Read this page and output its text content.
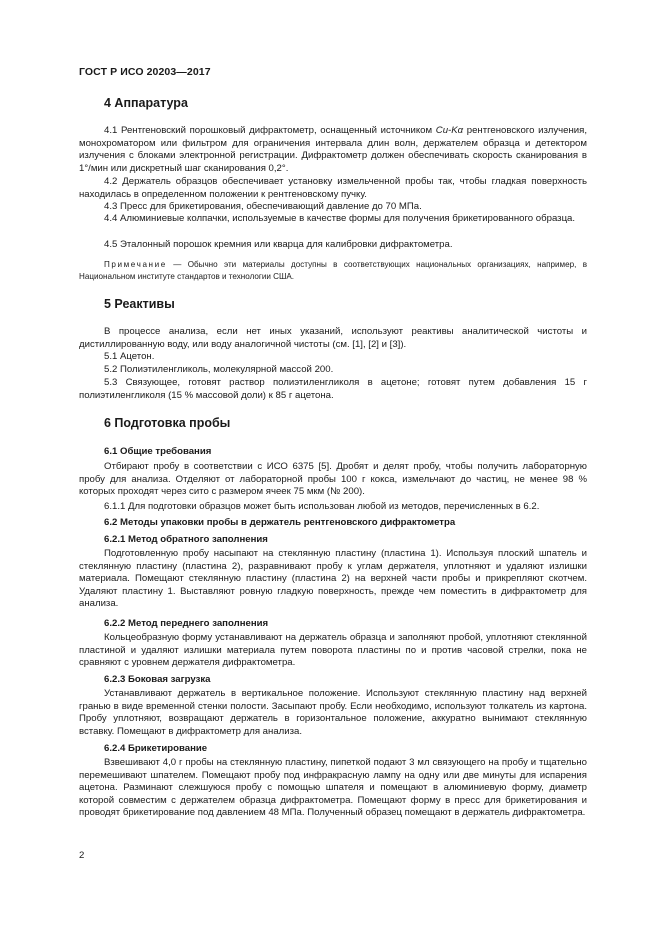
ГОСТ Р ИСО 20203—2017
4 Аппаратура
4.1 Рентгеновский порошковый дифрактометр, оснащенный источником Cu-Kα рентгеновского излучения, монохроматором или фильтром для ограничения интервала длин волн, держателем образца и детектором излучения с блоками электронной регистрации. Дифрактометр должен обеспечивать скорость сканирования в 1°/мин или дискретный шаг сканирования 0,2°.
4.2 Держатель образцов обеспечивает установку измельченной пробы так, чтобы гладкая поверхность находилась в определенном положении к рентгеновскому пучку.
4.3 Пресс для брикетирования, обеспечивающий давление до 70 МПа.
4.4 Алюминиевые колпачки, используемые в качестве формы для получения брикетированного образца.
4.5 Эталонный порошок кремния или кварца для калибровки дифрактометра.
Примечание — Обычно эти материалы доступны в соответствующих национальных организациях, например, в Национальном институте стандартов и технологии США.
5 Реактивы
В процессе анализа, если нет иных указаний, используют реактивы аналитической чистоты и дистиллированную воду, или воду аналогичной чистоты (см. [1], [2] и [3]).
5.1 Ацетон.
5.2 Полиэтиленгликоль, молекулярной массой 200.
5.3 Связующее, готовят раствор полиэтиленгликоля в ацетоне; готовят путем добавления 15 г полиэтиленгликоля (15 % массовой доли) к 85 г ацетона.
6 Подготовка пробы
6.1 Общие требования
Отбирают пробу в соответствии с ИСО 6375 [5]. Дробят и делят пробу, чтобы получить лабораторную пробу для анализа. Отделяют от лабораторной пробы 100 г кокса, измельчают до частиц, не менее 98 % которых проходят через сито с размером ячеек 75 мкм (№ 200).
6.1.1 Для подготовки образцов может быть использован любой из методов, перечисленных в 6.2.
6.2 Методы упаковки пробы в держатель рентгеновского дифрактометра
6.2.1 Метод обратного заполнения
Подготовленную пробу насыпают на стеклянную пластину (пластина 1). Используя плоский шпатель и стеклянную пластину (пластина 2), разравнивают пробу к углам держателя, уплотняют и удаляют излишки материала. Помещают стеклянную пластину (пластина 2) на верхней части пробы и прикрепляют скотчем. Удаляют пластину 1. Выставляют ровную гладкую поверхность, прежде чем поместить в дифрактометр для анализа.
6.2.2 Метод переднего заполнения
Кольцеобразную форму устанавливают на держатель образца и заполняют пробой, уплотняют стеклянной пластиной и удаляют излишки материала путем поворота пластины по и против часовой стрелки, пока не сравняют с уровнем держателя дифрактометра.
6.2.3 Боковая загрузка
Устанавливают держатель в вертикальное положение. Используют стеклянную пластину над верхней гранью в виде временной стенки полости. Засыпают пробу. Если необходимо, используют толкатель из картона. Пробу уплотняют, возвращают держатель в горизонтальное положение, аккуратно вынимают стеклянную вставку. Помещают в дифрактометр для анализа.
6.2.4 Брикетирование
Взвешивают 4,0 г пробы на стеклянную пластину, пипеткой подают 3 мл связующего на пробу и тщательно перемешивают шпателем. Помещают пробу под инфракрасную лампу на одну или две минуты для испарения ацетона. Разминают слежшуюся пробу с помощью шпателя и помещают в алюминиевую форму, диаметр которой совместим с держателем образца дифрактометра. Помещают форму в пресс для брикетирования и проводят брикетирование под давлением 48 МПа. Полученный образец помещают в держатель дифрактометра.
2
